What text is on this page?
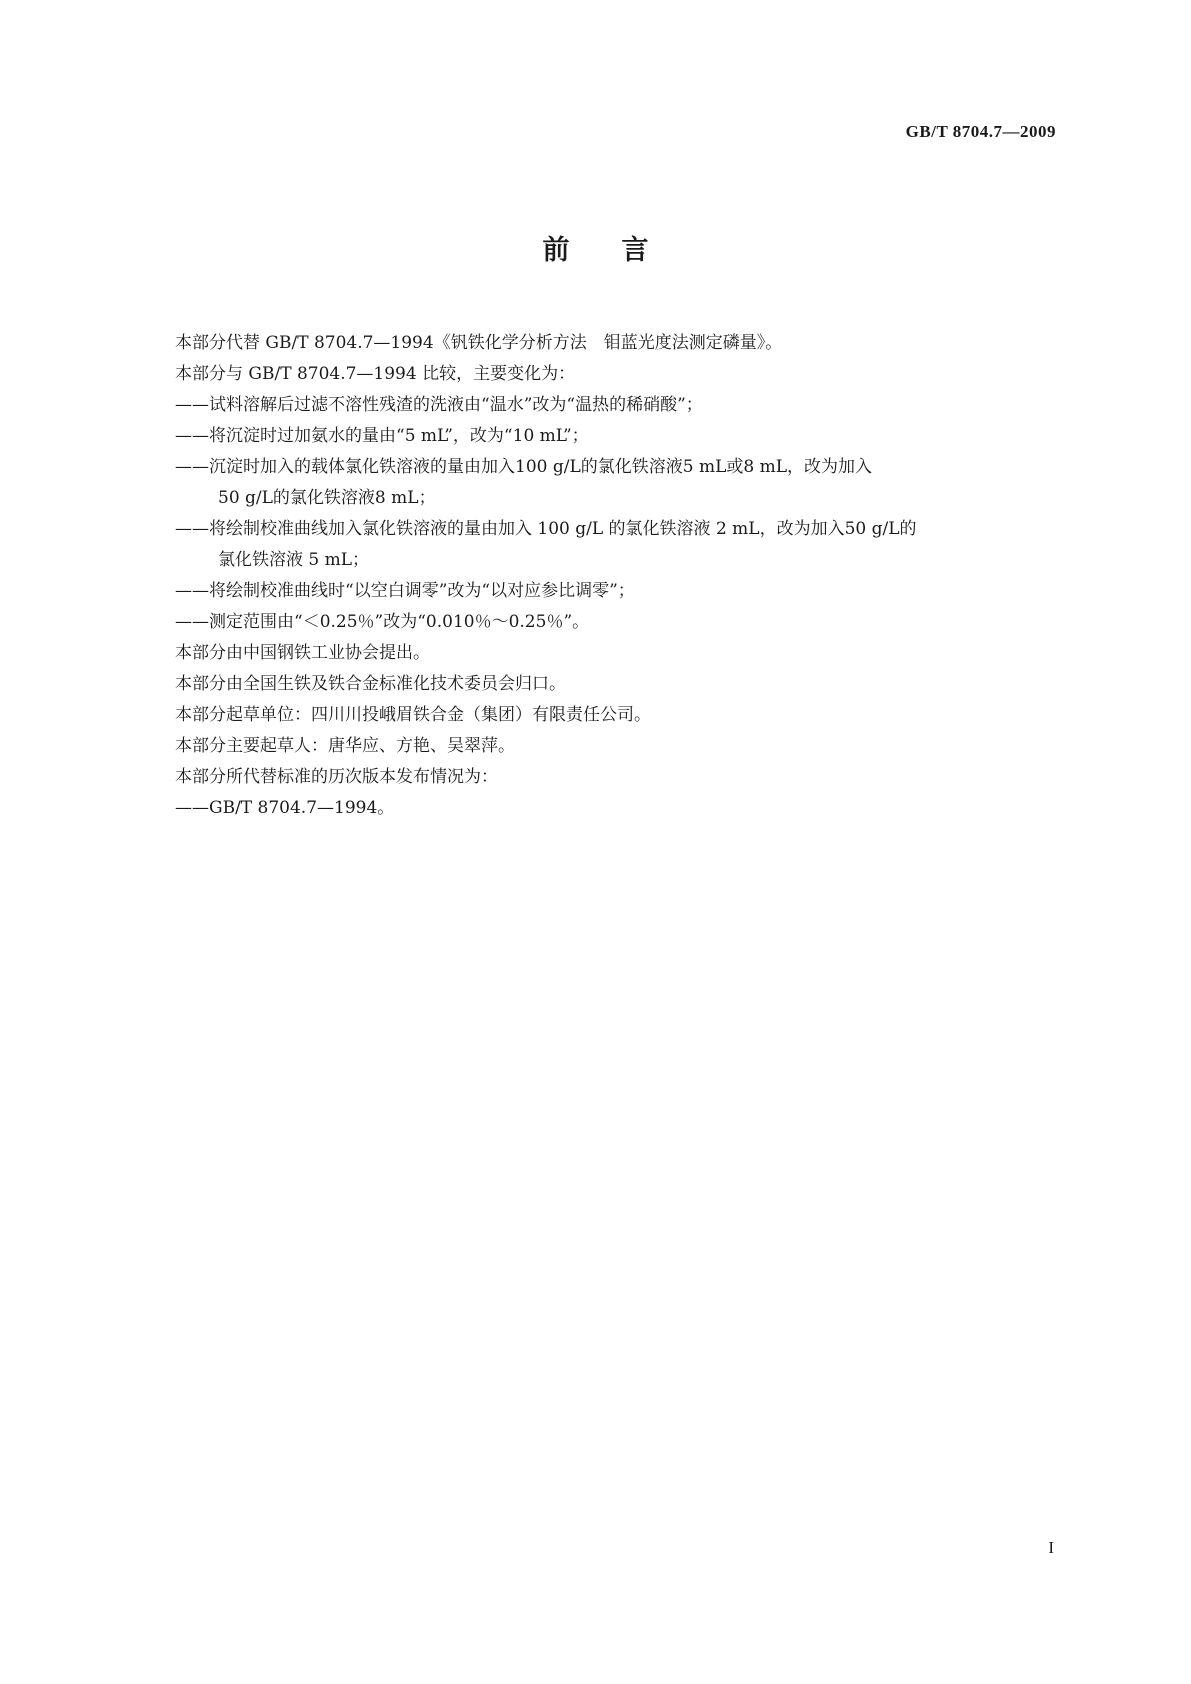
GB/T 8704.7—2009
前言
本部分代替 GB/T 8704.7—1994《钒铁化学分析方法　钼蓝光度法测定磷量》。
本部分与 GB/T 8704.7—1994 比较，主要变化为：
——试料溶解后过滤不溶性残渣的洗液由“温水”改为“温热的稀硝酸”；
——将沉淀时过加氨水的量由“5 mL”，改为“10 mL”；
——沉淀时加入的载体氯化铁溶液的量由加入100 g/L的氯化铁溶液5 mL或8 mL，改为加入
50 g/L的氯化铁溶液8 mL；
——将绘制校准曲线加入氯化铁溶液的量由加入 100 g/L 的氯化铁溶液 2 mL，改为加入50 g/L的
氯化铁溶液 5 mL；
——将绘制校准曲线时“以空白调零”改为“以对应参比调零”；
——测定范围由“＜0.25％”改为“0.010％～0.25％”。
本部分由中国钢铁工业协会提出。
本部分由全国生铁及铁合金标准化技术委员会归口。
本部分起草单位：四川川投峨眉铁合金（集团）有限责任公司。
本部分主要起草人：唐华应、方艳、吴翠萍。
本部分所代替标准的历次版本发布情况为：
——GB/T 8704.7—1994。
I
